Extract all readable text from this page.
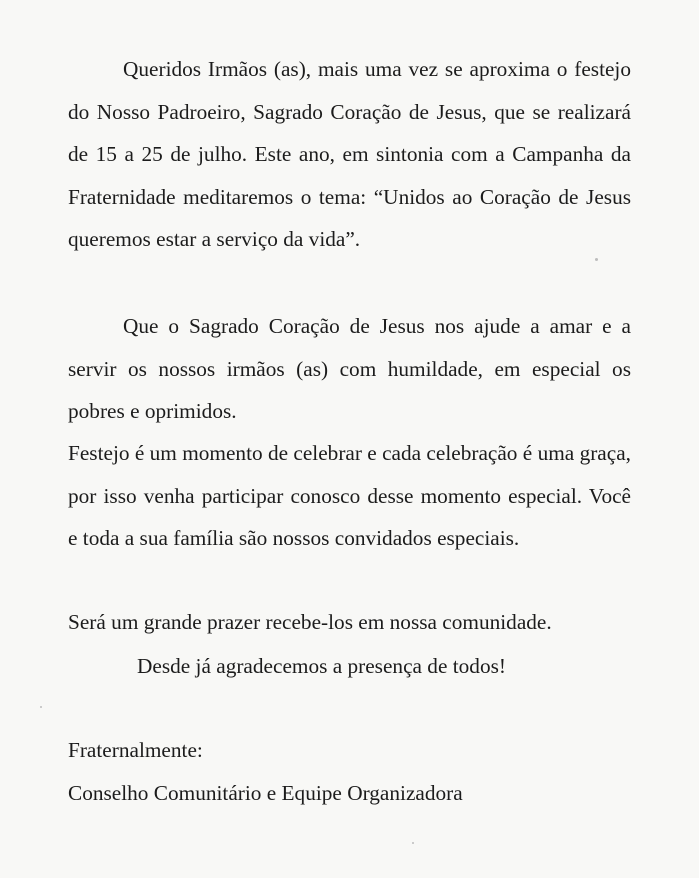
Queridos Irmãos (as), mais uma vez se aproxima o festejo do Nosso Padroeiro, Sagrado Coração de Jesus, que se realizará de 15 a 25 de julho. Este ano, em sintonia com a Campanha da Fraternidade meditaremos o tema: “Unidos ao Coração de Jesus queremos estar a serviço da vida”.
Que o Sagrado Coração de Jesus nos ajude a amar e a servir os nossos irmãos (as) com humildade, em especial os pobres e oprimidos.
Festejo é um momento de celebrar e cada celebração é uma graça, por isso venha participar conosco desse momento especial. Você e toda a sua família são nossos convidados especiais.
Será um grande prazer recebe-los em nossa comunidade.
Desde já agradecemos a presença de todos!
Fraternalmente:
Conselho Comunitário e Equipe Organizadora
